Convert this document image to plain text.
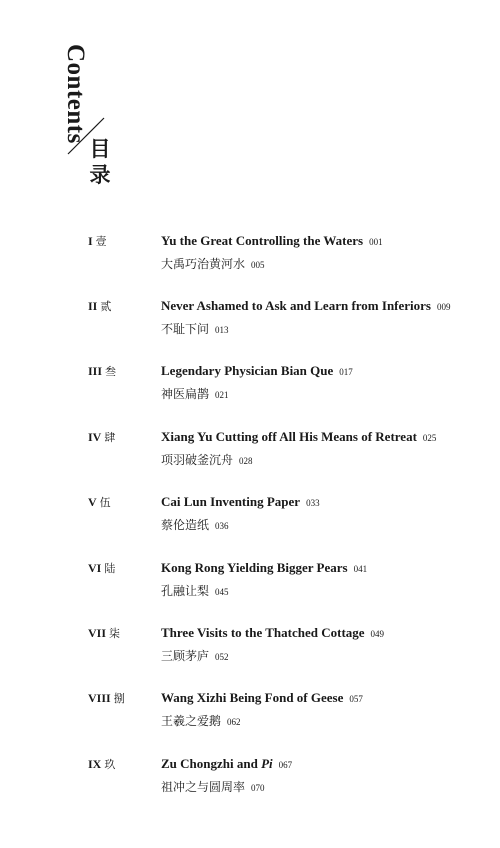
Contents
目
录
I 壹	Yu the Great Controlling the Waters 001
大禹巧治黄河水 005
II 贰	Never Ashamed to Ask and Learn from Inferiors 009
不耻下问 013
III 叁	Legendary Physician Bian Que 017
神医扁鹊 021
IV 肆	Xiang Yu Cutting off All His Means of Retreat 025
项羽破釜沉舟 028
V 伍	Cai Lun Inventing Paper 033
蔡伦造纸 036
VI 陆	Kong Rong Yielding Bigger Pears 041
孔融让梨 045
VII 柒	Three Visits to the Thatched Cottage 049
三顾茅庐 052
VIII 捌	Wang Xizhi Being Fond of Geese 057
王羲之爱鹅 062
IX 玖	Zu Chongzhi and Pi 067
祖冲之与圆周率 070
